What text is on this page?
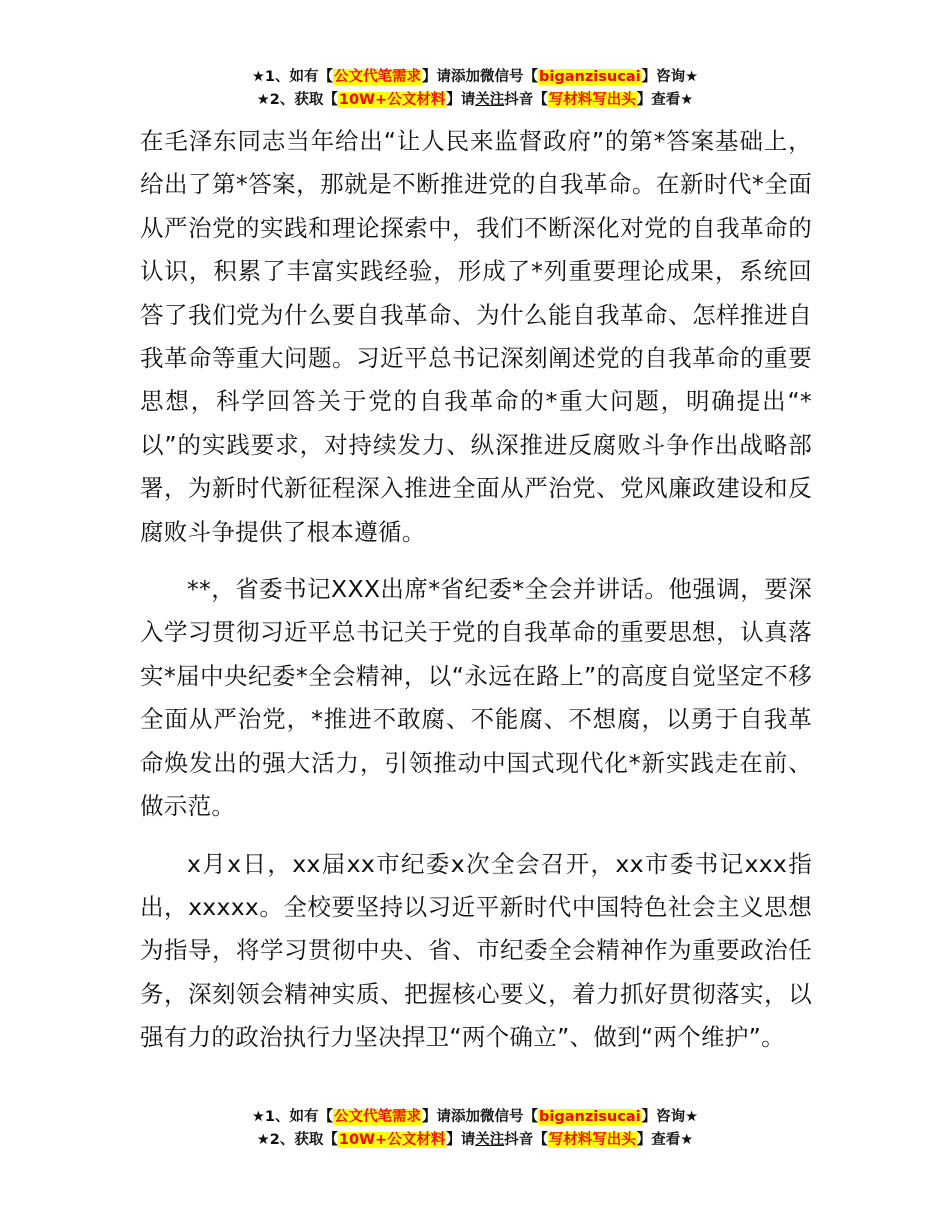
★1、如有【公文代笔需求】请添加微信号【biganzisucai】咨询★
★2、获取【10W+公文材料】请关注抖音【写材料写出头】查看★

在毛泽东同志当年给出“让人民来监督政府”的第*答案基础上，给出了第*答案，那就是不断推进党的自我革命。在新时代*全面从严治党的实践和理论探索中，我们不断深化对党的自我革命的认识，积累了丰富实践经验，形成了*列重要理论成果，系统回答了我们党为什么要自我革命、为什么能自我革命、怎样推进自我革命等重大问题。习近平总书记深刻阐述党的自我革命的重要思想，科学回答关于党的自我革命的*重大问题，明确提出“*以”的实践要求，对持续发力、纵深推进反腐败斗争作出战略部署，为新时代新征程深入推进全面从严治党、党风廉政建设和反腐败斗争提供了根本遵循。

**，省委书记XXX出席*省纪委*全会并讲话。他强调，要深入学习贯彻习近平总书记关于党的自我革命的重要思想，认真落实*届中央纪委*全会精神，以“永远在路上”的高度自觉坚定不移全面从严治党，*推进不敢腐、不能腐、不想腐，以勇于自我革命焕发出的强大活力，引领推动中国式现代化*新实践走在前、做示范。

x月x日，xx届xx市纪委x次全会召开，xx市委书记xxx指出，xxxxx。全校要坚持以习近平新时代中国特色社会主义思想为指导，将学习贯彻中央、省、市纪委全会精神作为重要政治任务，深刻领会精神实质、把握核心要义，着力抓好贯彻落实，以强有力的政治执行力坚决捍卫“两个确立”、做到“两个维护”。

★1、如有【公文代笔需求】请添加微信号【biganzisucai】咨询★
★2、获取【10W+公文材料】请关注抖音【写材料写出头】查看★
